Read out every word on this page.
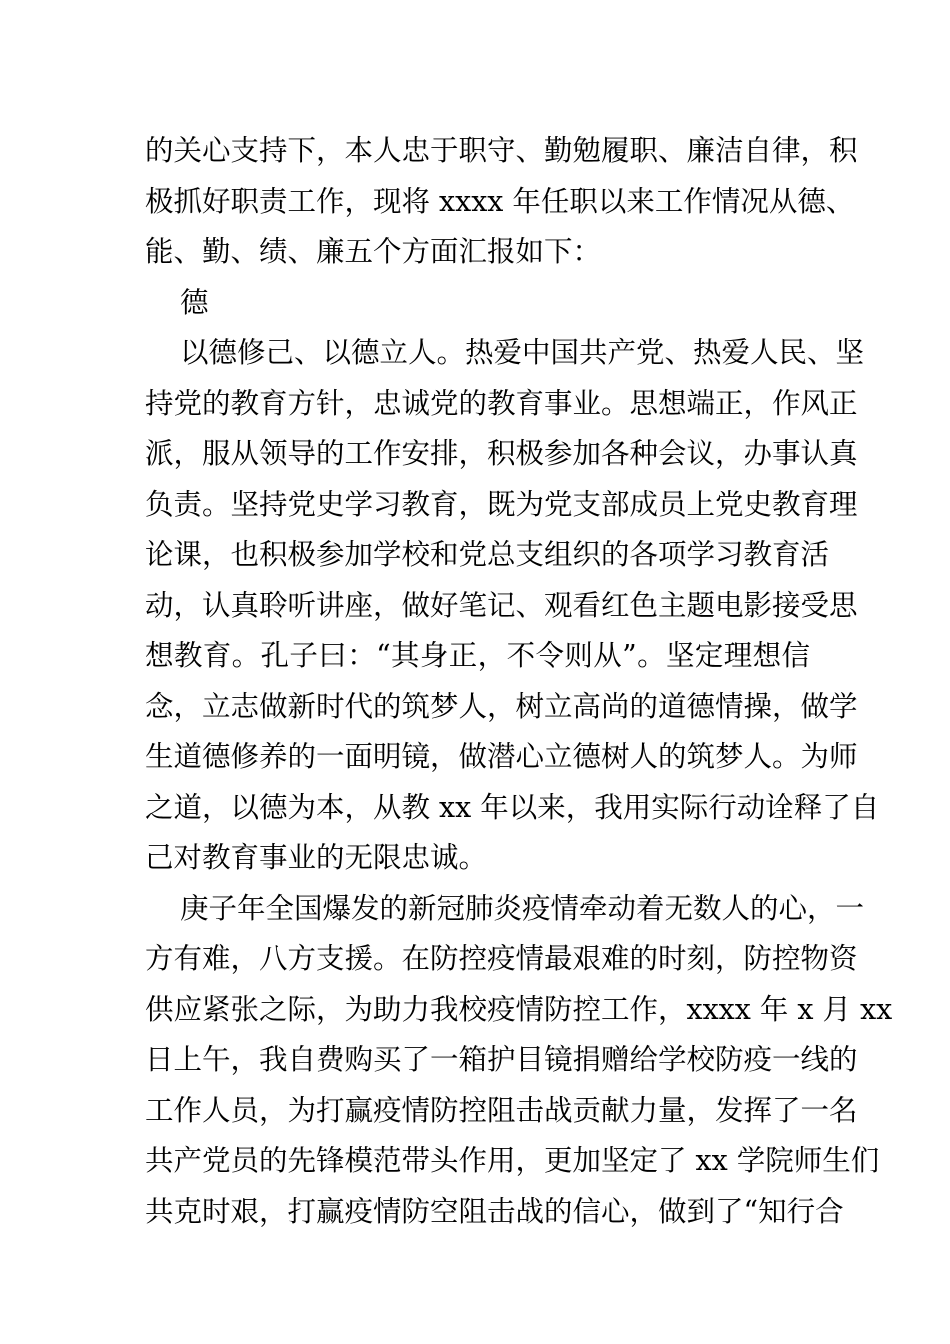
的关心支持下，本人忠于职守、勤勉履职、廉洁自律，积
极抓好职责工作，现将 xxxx 年任职以来工作情况从德、
能、勤、绩、廉五个方面汇报如下：
德
以德修己、以德立人。热爱中国共产党、热爱人民、坚
持党的教育方针，忠诚党的教育事业。思想端正，作风正
派，服从领导的工作安排，积极参加各种会议，办事认真
负责。坚持党史学习教育，既为党支部成员上党史教育理
论课，也积极参加学校和党总支组织的各项学习教育活
动，认真聆听讲座，做好笔记、观看红色主题电影接受思
想教育。孔子曰：“其身正，不令则从”。坚定理想信
念，立志做新时代的筑梦人，树立高尚的道德情操，做学
生道德修养的一面明镜，做潜心立德树人的筑梦人。为师
之道，以德为本，从教 xx 年以来，我用实际行动诠释了自
己对教育事业的无限忠诚。
庚子年全国爆发的新冠肺炎疫情牵动着无数人的心，一
方有难，八方支援。在防控疫情最艰难的时刻，防控物资
供应紧张之际，为助力我校疫情防控工作，xxxx 年 x 月 xx
日上午，我自费购买了一箱护目镜捐赠给学校防疫一线的
工作人员，为打赢疫情防控阻击战贡献力量，发挥了一名
共产党员的先锋模范带头作用，更加坚定了 xx 学院师生们
共克时艰，打赢疫情防空阻击战的信心，做到了“知行合
